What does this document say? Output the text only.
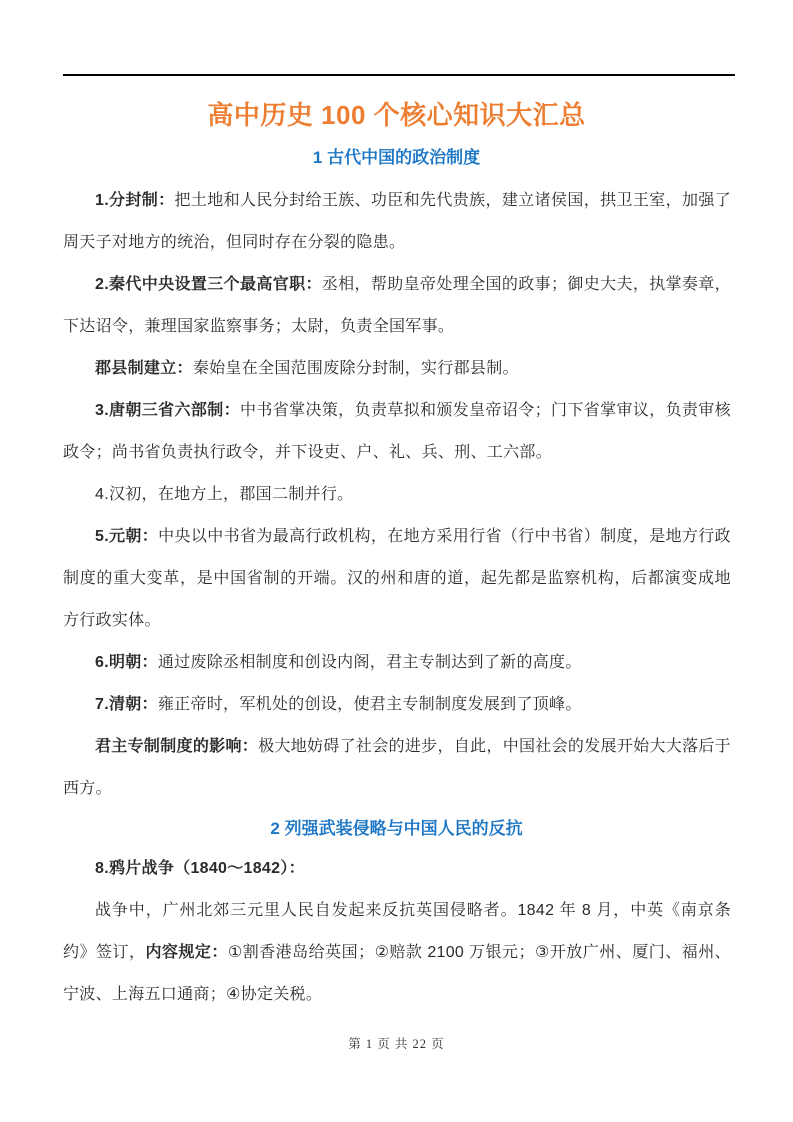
高中历史 100 个核心知识大汇总
1 古代中国的政治制度

1.分封制：把土地和人民分封给王族、功臣和先代贵族，建立诸侯国，拱卫王室，加强了周天子对地方的统治，但同时存在分裂的隐患。

2.秦代中央设置三个最高官职：丞相，帮助皇帝处理全国的政事；御史大夫，执掌奏章，下达诏令，兼理国家监察事务；太尉，负责全国军事。

郡县制建立：秦始皇在全国范围废除分封制，实行郡县制。

3.唐朝三省六部制：中书省掌决策，负责草拟和颁发皇帝诏令；门下省掌审议，负责审核政令；尚书省负责执行政令，并下设吏、户、礼、兵、刑、工六部。

4.汉初，在地方上，郡国二制并行。

5.元朝：中央以中书省为最高行政机构，在地方采用行省（行中书省）制度，是地方行政制度的重大变革，是中国省制的开端。汉的州和唐的道，起先都是监察机构，后都演变成地方行政实体。

6.明朝：通过废除丞相制度和创设内阁，君主专制达到了新的高度。

7.清朝：雍正帝时，军机处的创设，使君主专制制度发展到了顶峰。

君主专制制度的影响：极大地妨碍了社会的进步，自此，中国社会的发展开始大大落后于西方。

2 列强武装侵略与中国人民的反抗

8.鸦片战争（1840～1842）：

战争中，广州北郊三元里人民自发起来反抗英国侵略者。1842 年 8 月，中英《南京条约》签订，内容规定：①割香港岛给英国；②赔款 2100 万银元；③开放广州、厦门、福州、宁波、上海五口通商；④协定关税。

第 1 页 共 22 页
